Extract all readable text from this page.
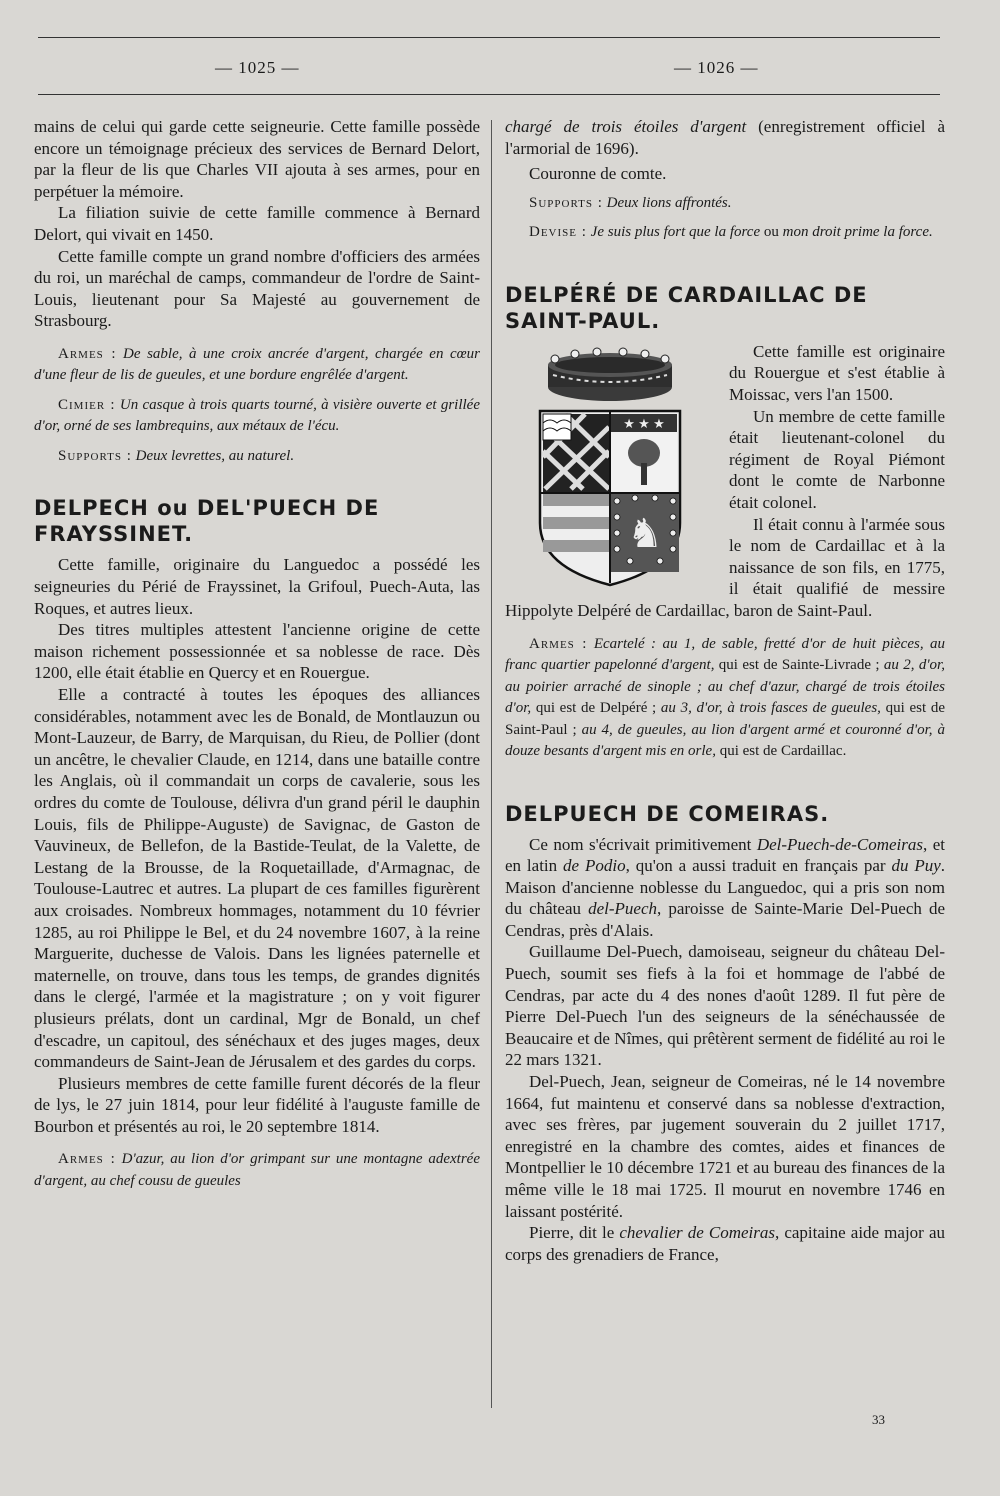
— 1025 —	— 1026 —

mains de celui qui garde cette seigneurie. Cette famille possède encore un témoignage précieux des services de Bernard Delort, par la fleur de lis que Charles VII ajouta à ses armes, pour en perpétuer la mémoire.

La filiation suivie de cette famille commence à Bernard Delort, qui vivait en 1450.

Cette famille compte un grand nombre d'officiers des armées du roi, un maréchal de camps, commandeur de l'ordre de Saint-Louis, lieutenant pour Sa Majesté au gouvernement de Strasbourg.

Armes : De sable, à une croix ancrée d'argent, chargée en cœur d'une fleur de lis de gueules, et une bordure engrêlée d'argent.

Cimier : Un casque à trois quarts tourné, à visière ouverte et grillée d'or, orné de ses lambrequins, aux métaux de l'écu.

Supports : Deux levrettes, au naturel.

DELPECH ou DEL'PUECH DE FRAYSSINET.

Cette famille, originaire du Languedoc a possédé les seigneuries du Périé de Frayssinet, la Grifoul, Puech-Auta, las Roques, et autres lieux.

Des titres multiples attestent l'ancienne origine de cette maison richement possessionnée et sa noblesse de race. Dès 1200, elle était établie en Quercy et en Rouergue.

Elle a contracté à toutes les époques des alliances considérables, notamment avec les de Bonald, de Montlauzun ou Mont-Lauzeur, de Barry, de Marquisan, du Rieu, de Pollier (dont un ancêtre, le chevalier Claude, en 1214, dans une bataille contre les Anglais, où il commandait un corps de cavalerie, sous les ordres du comte de Toulouse, délivra d'un grand péril le dauphin Louis, fils de Philippe-Auguste) de Savignac, de Gaston de Vauvineux, de Bellefon, de la Bastide-Teulat, de la Valette, de Lestang de la Brousse, de la Roquetaillade, d'Armagnac, de Toulouse-Lautrec et autres. La plupart de ces familles figurèrent aux croisades. Nombreux hommages, notamment du 10 février 1285, au roi Philippe le Bel, et du 24 novembre 1607, à la reine Marguerite, duchesse de Valois. Dans les lignées paternelle et maternelle, on trouve, dans tous les temps, de grandes dignités dans le clergé, l'armée et la magistrature ; on y voit figurer plusieurs prélats, dont un cardinal, Mgr de Bonald, un chef d'escadre, un capitoul, des sénéchaux et des juges mages, deux commandeurs de Saint-Jean de Jérusalem et des gardes du corps.

Plusieurs membres de cette famille furent décorés de la fleur de lys, le 27 juin 1814, pour leur fidélité à l'auguste famille de Bourbon et présentés au roi, le 20 septembre 1814.

Armes : D'azur, au lion d'or grimpant sur une montagne adextrée d'argent, au chef cousu de gueules

chargé de trois étoiles d'argent (enregistrement officiel à l'armorial de 1696).

Couronne de comte.

Supports : Deux lions affrontés.

Devise : Je suis plus fort que la force ou mon droit prime la force.

DELPÉRÉ DE CARDAILLAC DE SAINT-PAUL.
★ ★ ★
♞

Cette famille est originaire du Rouergue et s'est établie à Moissac, vers l'an 1500.

Un membre de cette famille était lieutenant-colonel du régiment de Royal Piémont dont le comte de Narbonne était colonel.

Il était connu à l'armée sous le nom de Cardaillac et à la naissance de son fils, en 1775, il était qualifié de messire Hippolyte Delpéré de Cardaillac, baron de Saint-Paul.

Armes : Ecartelé : au 1, de sable, fretté d'or de huit pièces, au franc quartier papelonné d'argent, qui est de Sainte-Livrade ; au 2, d'or, au poirier arraché de sinople ; au chef d'azur, chargé de trois étoiles d'or, qui est de Delpéré ; au 3, d'or, à trois fasces de gueules, qui est de Saint-Paul ; au 4, de gueules, au lion d'argent armé et couronné d'or, à douze besants d'argent mis en orle, qui est de Cardaillac.

DELPUECH DE COMEIRAS.

Ce nom s'écrivait primitivement Del-Puech-de-Comeiras, et en latin de Podio, qu'on a aussi traduit en français par du Puy. Maison d'ancienne noblesse du Languedoc, qui a pris son nom du château del-Puech, paroisse de Sainte-Marie Del-Puech de Cendras, près d'Alais.

Guillaume Del-Puech, damoiseau, seigneur du château Del-Puech, soumit ses fiefs à la foi et hommage de l'abbé de Cendras, par acte du 4 des nones d'août 1289. Il fut père de Pierre Del-Puech l'un des seigneurs de la sénéchaussée de Beaucaire et de Nîmes, qui prêtèrent serment de fidélité au roi le 22 mars 1321.

Del-Puech, Jean, seigneur de Comeiras, né le 14 novembre 1664, fut maintenu et conservé dans sa noblesse d'extraction, avec ses frères, par jugement souverain du 2 juillet 1717, enregistré en la chambre des comtes, aides et finances de Montpellier le 10 décembre 1721 et au bureau des finances de la même ville le 18 mai 1725. Il mourut en novembre 1746 en laissant postérité.

Pierre, dit le chevalier de Comeiras, capitaine aide major au corps des grenadiers de France,

33
